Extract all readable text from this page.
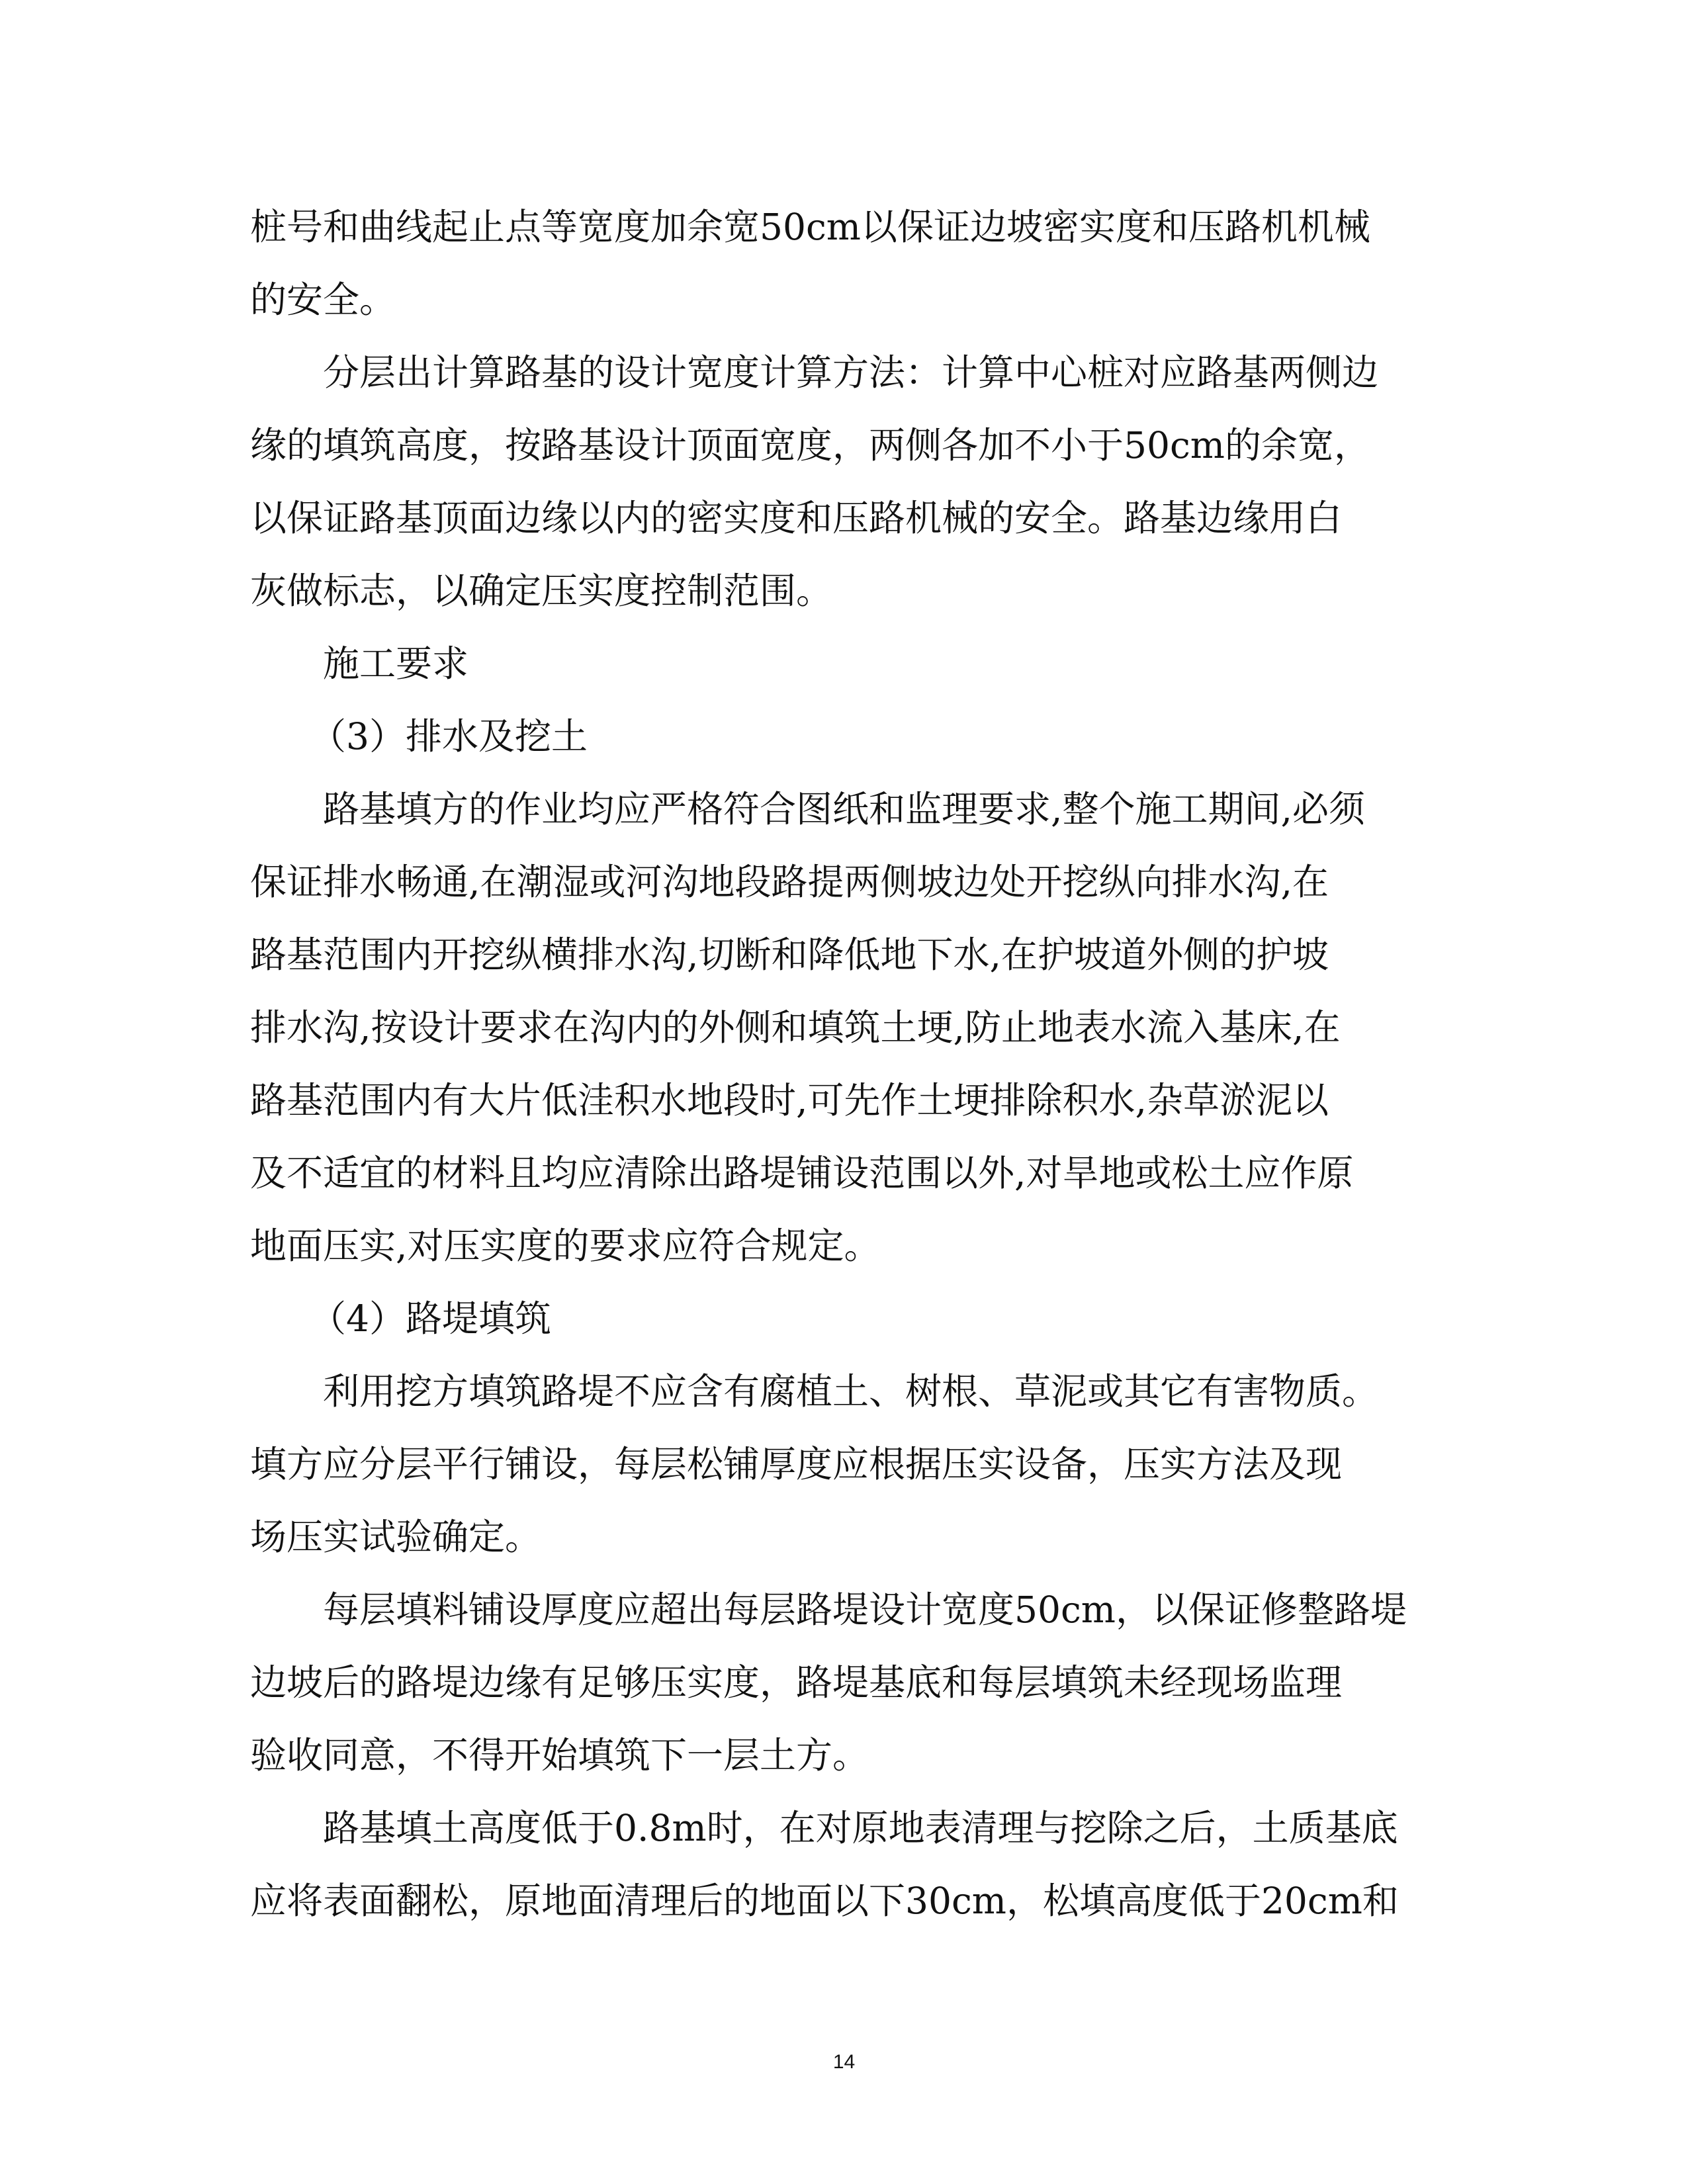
桩号和曲线起止点等宽度加余宽50cm以保证边坡密实度和压路机机械
的安全。
分层出计算路基的设计宽度计算方法：计算中心桩对应路基两侧边
缘的填筑高度，按路基设计顶面宽度，两侧各加不小于50cm的余宽，
以保证路基顶面边缘以内的密实度和压路机械的安全。路基边缘用白
灰做标志，以确定压实度控制范围。
施工要求
（3）排水及挖土
路基填方的作业均应严格符合图纸和监理要求,整个施工期间,必须
保证排水畅通,在潮湿或河沟地段路提两侧坡边处开挖纵向排水沟,在
路基范围内开挖纵横排水沟,切断和降低地下水,在护坡道外侧的护坡
排水沟,按设计要求在沟内的外侧和填筑土埂,防止地表水流入基床,在
路基范围内有大片低洼积水地段时,可先作土埂排除积水,杂草淤泥以
及不适宜的材料且均应清除出路堤铺设范围以外,对旱地或松土应作原
地面压实,对压实度的要求应符合规定。
（4）路堤填筑
利用挖方填筑路堤不应含有腐植土、树根、草泥或其它有害物质。
填方应分层平行铺设，每层松铺厚度应根据压实设备，压实方法及现
场压实试验确定。
每层填料铺设厚度应超出每层路堤设计宽度50cm，以保证修整路堤
边坡后的路堤边缘有足够压实度，路堤基底和每层填筑未经现场监理
验收同意，不得开始填筑下一层土方。
路基填土高度低于0.8m时，在对原地表清理与挖除之后，土质基底
应将表面翻松，原地面清理后的地面以下30cm，松填高度低于20cm和
14
